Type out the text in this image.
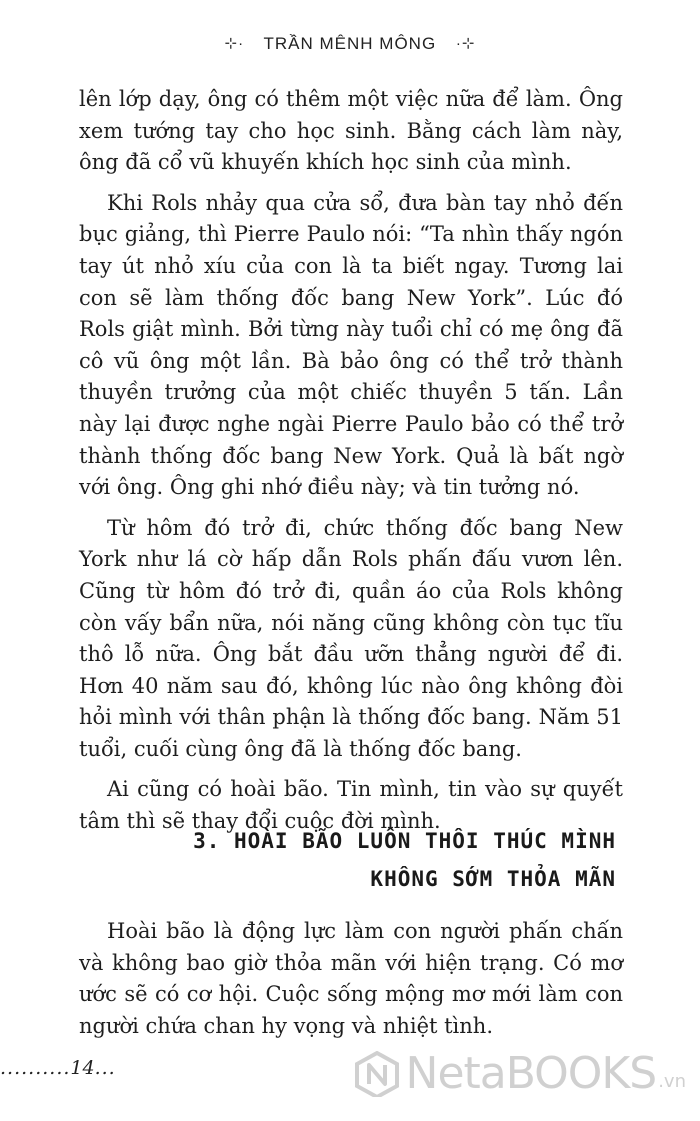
⊹· TRẦN MÊNH MÔNG ·⊹

lên lớp dạy, ông có thêm một việc nữa để làm. Ông xem tướng tay cho học sinh. Bằng cách làm này, ông đã cổ vũ khuyến khích học sinh của mình.

Khi Rols nhảy qua cửa sổ, đưa bàn tay nhỏ đến bục giảng, thì Pierre Paulo nói: “Ta nhìn thấy ngón tay út nhỏ xíu của con là ta biết ngay. Tương lai con sẽ làm thống đốc bang New York”. Lúc đó Rols giật mình. Bởi từng này tuổi chỉ có mẹ ông đã cô vũ ông một lần. Bà bảo ông có thể trở thành thuyền trưởng của một chiếc thuyền 5 tấn. Lần này lại được nghe ngài Pierre Paulo bảo có thể trở thành thống đốc bang New York. Quả là bất ngờ với ông. Ông ghi nhớ điều này; và tin tưởng nó.

Từ hôm đó trở đi, chức thống đốc bang New York như lá cờ hấp dẫn Rols phấn đấu vươn lên. Cũng từ hôm đó trở đi, quần áo của Rols không còn vấy bẩn nữa, nói năng cũng không còn tục tĩu thô lỗ nữa. Ông bắt đầu ưỡn thẳng người để đi. Hơn 40 năm sau đó, không lúc nào ông không đòi hỏi mình với thân phận là thống đốc bang. Năm 51 tuổi, cuối cùng ông đã là thống đốc bang.

Ai cũng có hoài bão. Tin mình, tin vào sự quyết tâm thì sẽ thay đổi cuộc đời mình.

3. HOÀI BÃO LUÔN THÔI THÚC MÌNH
KHÔNG SỚM THỎA MÃN

Hoài bão là động lực làm con người phấn chấn và không bao giờ thỏa mãn với hiện trạng. Có mơ ước sẽ có cơ hội. Cuộc sống mộng mơ mới làm con người chứa chan hy vọng và nhiệt tình.

..........14...	NetaBOOKS .vn
